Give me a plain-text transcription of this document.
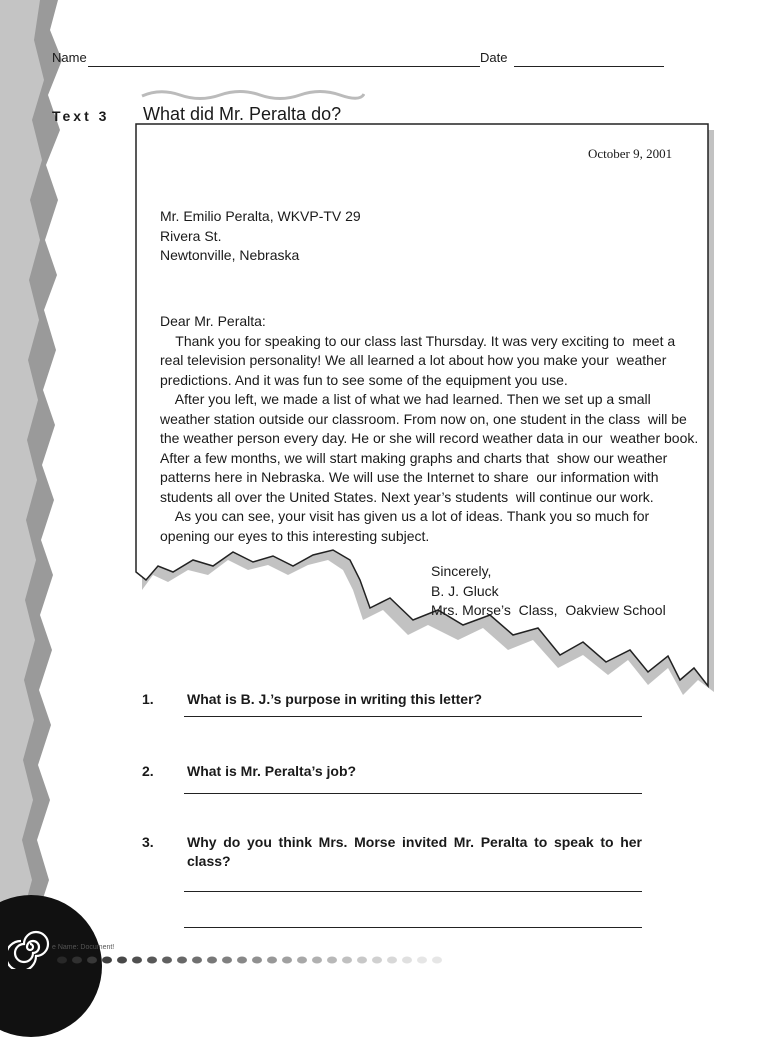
Name	Date
Text 3 What did Mr. Peralta do?
October 9, 2001
Mr. Emilio Peralta, WKVP-TV 29
Rivera St.
Newtonville, Nebraska
Dear Mr. Peralta:
Thank you for speaking to our class last Thursday. It was very exciting to  meet a
real television personality! We all learned a lot about how you make your  weather
predictions. And it was fun to see some of the equipment you use.
After you left, we made a list of what we had learned. Then we set up a small
weather station outside our classroom. From now on, one student in the class  will be
the weather person every day. He or she will record weather data in our  weather book.
After a few months, we will start making graphs and charts that  show our weather
patterns here in Nebraska. We will use the Internet to share  our information with
students all over the United States. Next year’s students  will continue our work.
As you can see, your visit has given us a lot of ideas. Thank you so much for
opening our eyes to this interesting subject.
Sincerely,
B. J. Gluck
Mrs. Morse’s  Class,  Oakview School
1. What is B. J.’s purpose in writing this letter?
2. What is Mr. Peralta’s job?
3. Why do you think Mrs. Morse invited Mr. Peralta to speak to her class?
e Name: Document!
